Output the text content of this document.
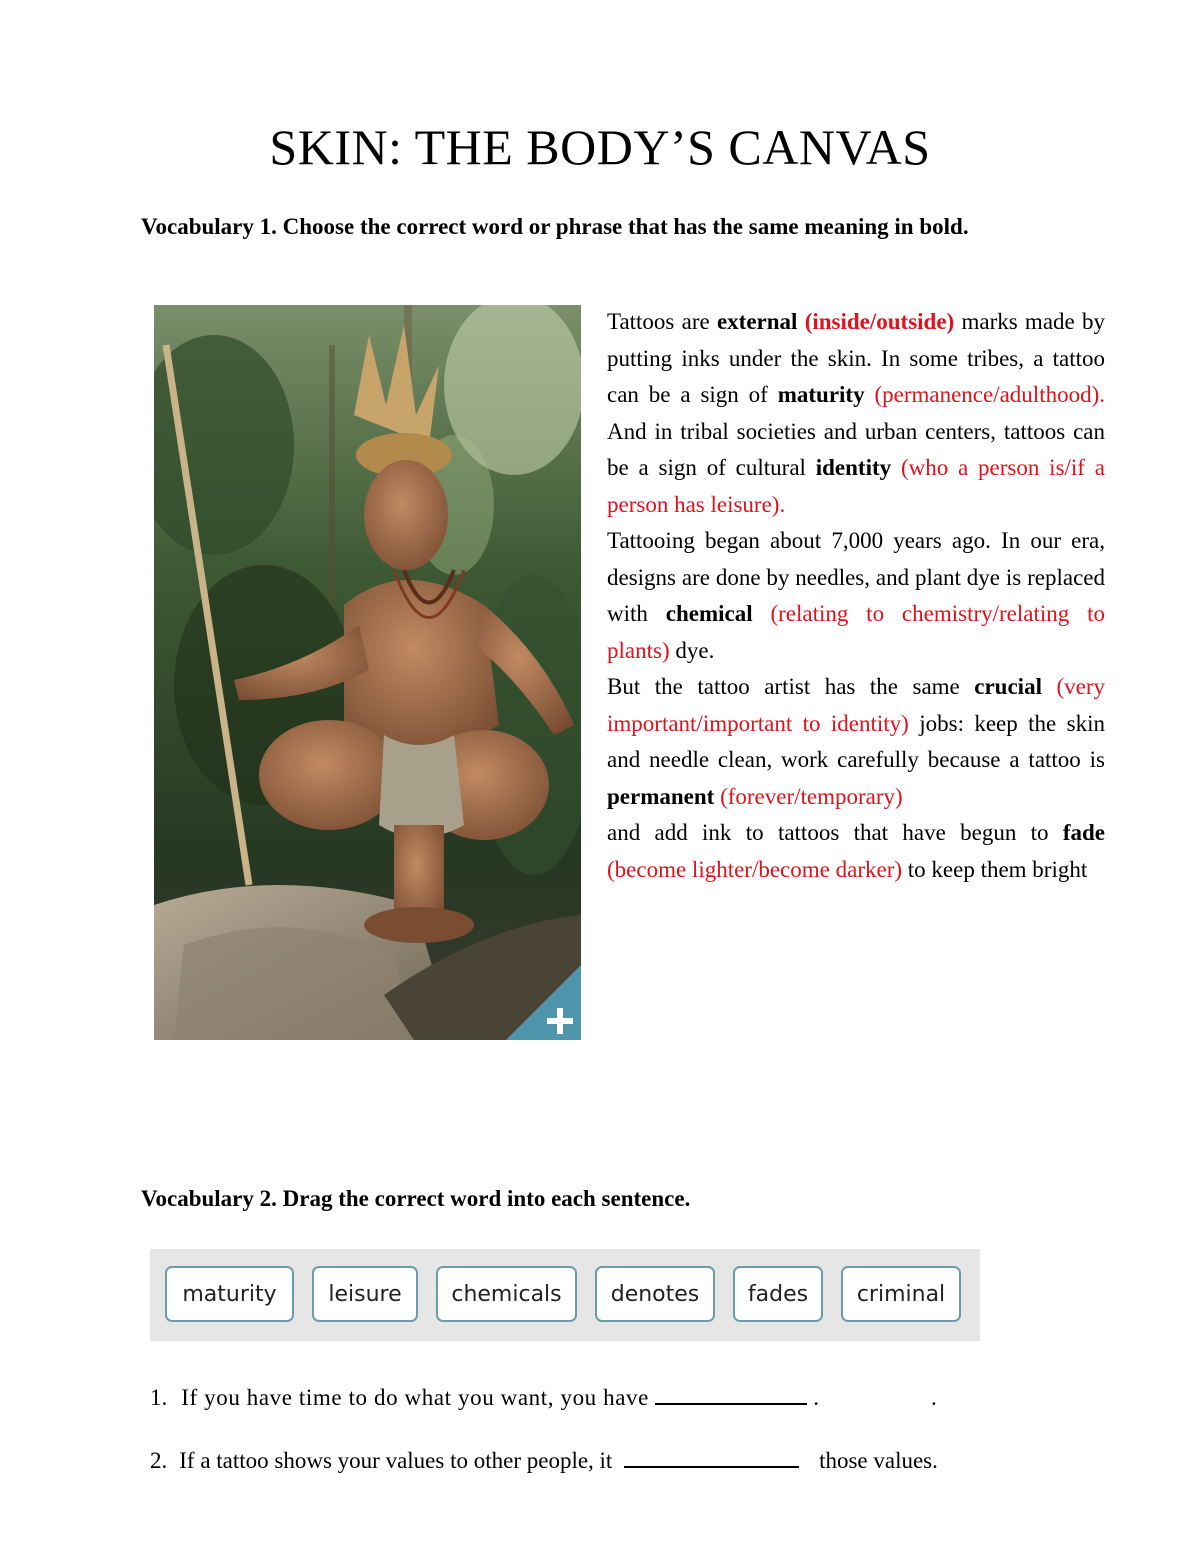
SKIN: THE BODY’S CANVAS
Vocabulary 1. Choose the correct word or phrase that has the same meaning in bold.

Tattoos are external (inside/outside) marks made by putting inks under the skin. In some tribes, a tattoo can be a sign of maturity (permanence/adulthood). And in tribal societies and urban centers, tattoos can be a sign of cultural identity (who a person is/if a person has leisure).

Tattooing began about 7,000 years ago. In our era, designs are done by needles, and plant dye is replaced with chemical (relating to chemistry/relating to plants) dye.

But the tattoo artist has the same crucial (very important/important to identity) jobs: keep the skin and needle clean, work carefully because a tattoo is permanent (forever/temporary)

and add ink to tattoos that have begun to fade (become lighter/become darker) to keep them bright

Vocabulary 2. Drag the correct word into each sentence.
maturity	leisure	chemicals	denotes	fades	criminal
1. If you have time to do what you want, you have	.	.
2. If a tattoo shows your values to other people, it	those values.
